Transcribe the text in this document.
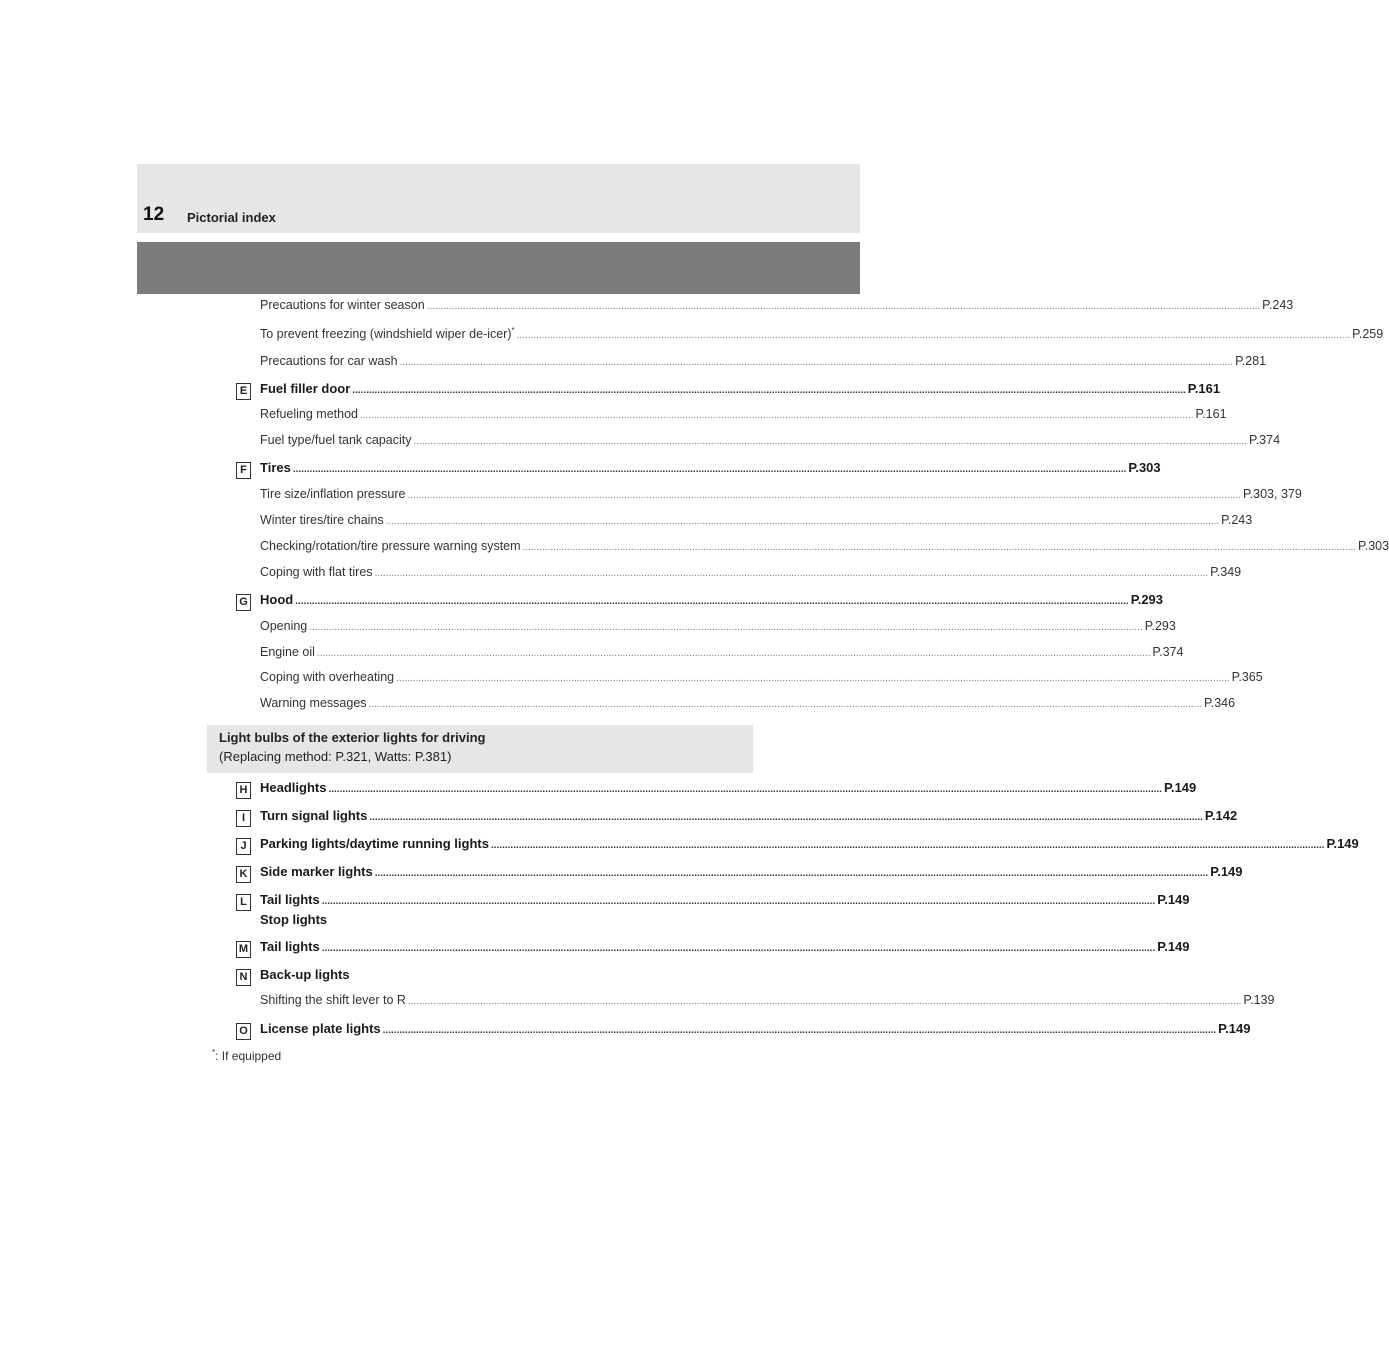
12 Pictorial index
Precautions for winter season ............................................................................................................................................................................................................................................................................................................ P.243
To prevent freezing (windshield wiper de-icer)* ............................................................................................................................................................................................................................................................................................................ P.259
Precautions for car wash ............................................................................................................................................................................................................................................................................................................ P.281
Fuel filler door ............................................................................................................................................................................................................................................................................................................ P.161
E
Refueling method ............................................................................................................................................................................................................................................................................................................ P.161
Fuel type/fuel tank capacity ............................................................................................................................................................................................................................................................................................................ P.374
Tires ............................................................................................................................................................................................................................................................................................................ P.303
F
Tire size/inflation pressure ............................................................................................................................................................................................................................................................................................................ P.303, 379
Winter tires/tire chains ............................................................................................................................................................................................................................................................................................................ P.243
Checking/rotation/tire pressure warning system ............................................................................................................................................................................................................................................................................................................ P.303
Coping with flat tires ............................................................................................................................................................................................................................................................................................................ P.349
Hood ............................................................................................................................................................................................................................................................................................................ P.293
G
Opening ............................................................................................................................................................................................................................................................................................................ P.293
Engine oil ............................................................................................................................................................................................................................................................................................................ P.374
Coping with overheating ............................................................................................................................................................................................................................................................................................................ P.365
Warning messages ............................................................................................................................................................................................................................................................................................................ P.346
Light bulbs of the exterior lights for driving
(Replacing method: P.321, Watts: P.381)
Headlights ............................................................................................................................................................................................................................................................................................................ P.149
H
Turn signal lights ............................................................................................................................................................................................................................................................................................................ P.142
I
Parking lights/daytime running lights ............................................................................................................................................................................................................................................................................................................ P.149
J
Side marker lights ............................................................................................................................................................................................................................................................................................................ P.149
K
Tail lights ............................................................................................................................................................................................................................................................................................................ P.149
L
Tail lights ............................................................................................................................................................................................................................................................................................................ P.149
M
Back-up lights
N
Shifting the shift lever to R ............................................................................................................................................................................................................................................................................................................ P.139
License plate lights ............................................................................................................................................................................................................................................................................................................ P.149
O
Stop lights
*: If equipped
